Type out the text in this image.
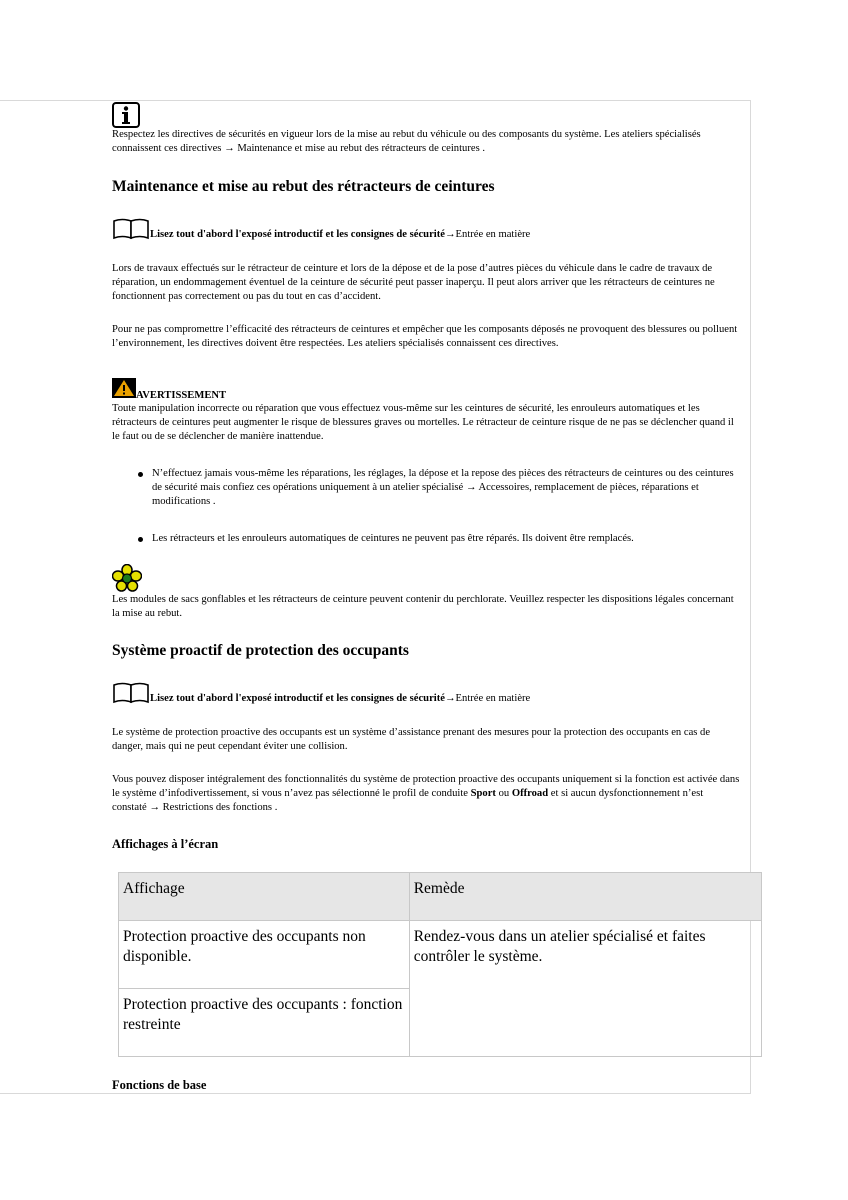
Respectez les directives de sécurités en vigueur lors de la mise au rebut du véhicule ou des composants du système. Les ateliers spécialisés connaissent ces directives → Maintenance et mise au rebut des rétracteurs de ceintures .

Maintenance et mise au rebut des rétracteurs de ceintures
Lisez tout d'abord l'exposé introductif et les consignes de sécurité →Entrée en matière

Lors de travaux effectués sur le rétracteur de ceinture et lors de la dépose et de la pose d’autres pièces du véhicule dans le cadre de travaux de réparation, un endommagement éventuel de la ceinture de sécurité peut passer inaperçu. Il peut alors arriver que les rétracteurs de ceintures ne fonctionnent pas correctement ou pas du tout en cas d’accident.

Pour ne pas compromettre l’efficacité des rétracteurs de ceintures et empêcher que les composants déposés ne provoquent des blessures ou polluent l’environnement, les directives doivent être respectées. Les ateliers spécialisés connaissent ces directives.

AVERTISSEMENT

Toute manipulation incorrecte ou réparation que vous effectuez vous-même sur les ceintures de sécurité, les enrouleurs automatiques et les rétracteurs de ceintures peut augmenter le risque de blessures graves ou mortelles. Le rétracteur de ceinture risque de ne pas se déclencher quand il le faut ou de se déclencher de manière inattendue.

N’effectuez jamais vous-même les réparations, les réglages, la dépose et la repose des pièces des rétracteurs de ceintures ou des ceintures de sécurité mais confiez ces opérations uniquement à un atelier spécialisé → Accessoires, remplacement de pièces, réparations et modifications .
Les rétracteurs et les enrouleurs automatiques de ceintures ne peuvent pas être réparés. Ils doivent être remplacés.

Les modules de sacs gonflables et les rétracteurs de ceinture peuvent contenir du perchlorate. Veuillez respecter les dispositions légales concernant la mise au rebut.

Système proactif de protection des occupants
Lisez tout d'abord l'exposé introductif et les consignes de sécurité →Entrée en matière

Le système de protection proactive des occupants est un système d’assistance prenant des mesures pour la protection des occupants en cas de danger, mais qui ne peut cependant éviter une collision.

Vous pouvez disposer intégralement des fonctionnalités du système de protection proactive des occupants uniquement si la fonction est activée dans le système d’infodivertissement, si vous n’avez pas sélectionné le profil de conduite Sport ou Offroad et si aucun dysfonctionnement n’est constaté → Restrictions des fonctions .

Affichages à l’écran
Affichage	Remède
Protection proactive des occupants non disponible.	Rendez-vous dans un atelier spécialisé et faites contrôler le système.
Protection proactive des occupants : fonction restreinte	
Fonctions de base
